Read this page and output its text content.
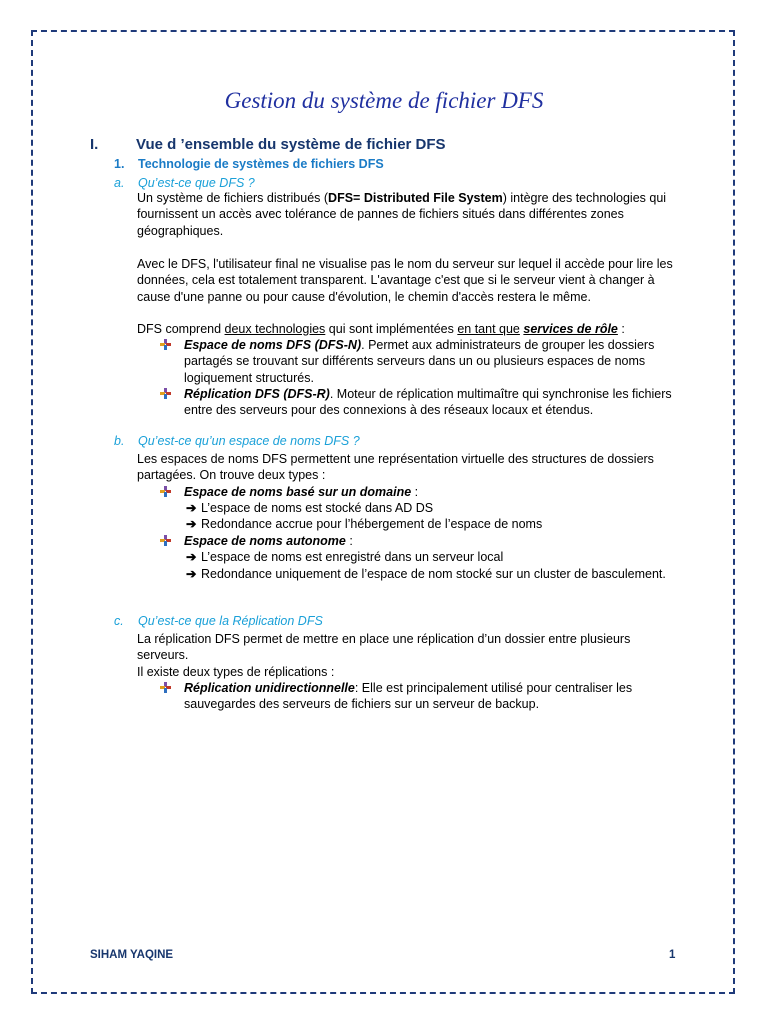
Gestion du système de fichier DFS
I.	Vue d ’ensemble du système de fichier DFS
1. Technologie de systèmes de fichiers DFS
a. Qu’est-ce que DFS ?
Un système de fichiers distribués (DFS= Distributed File System) intègre des technologies qui fournissent un accès avec tolérance de pannes de fichiers situés dans différentes zones géographiques.
Avec le DFS, l'utilisateur final ne visualise pas le nom du serveur sur lequel il accède pour lire les données, cela est totalement transparent. L'avantage c'est que si le serveur vient à changer à cause d'une panne ou pour cause d'évolution, le chemin d'accès restera le même.
DFS comprend deux technologies qui sont implémentées en tant que services de rôle :
Espace de noms DFS (DFS-N). Permet aux administrateurs de grouper les dossiers partagés se trouvant sur différents serveurs dans un ou plusieurs espaces de noms logiquement structurés.
Réplication DFS (DFS-R). Moteur de réplication multimaître qui synchronise les fichiers entre des serveurs pour des connexions à des réseaux locaux et étendus.
b. Qu’est-ce qu’un espace de noms DFS ?
Les espaces de noms DFS permettent une représentation virtuelle des structures de dossiers partagées. On trouve deux types :
Espace de noms basé sur un domaine :
➔ L’espace de noms est stocké dans AD DS
➔ Redondance accrue pour l’hébergement de l’espace de noms
Espace de noms autonome :
➔ L’espace de noms est enregistré dans un serveur local
➔ Redondance uniquement de l’espace de nom stocké sur un cluster de basculement.
c. Qu’est-ce que la Réplication DFS
La réplication DFS permet de mettre en place une réplication d’un dossier entre plusieurs serveurs.
Il existe deux types de réplications :
Réplication unidirectionnelle: Elle est principalement utilisé pour centraliser les sauvegardes des serveurs de fichiers sur un serveur de backup.
SIHAM YAQINE	1
